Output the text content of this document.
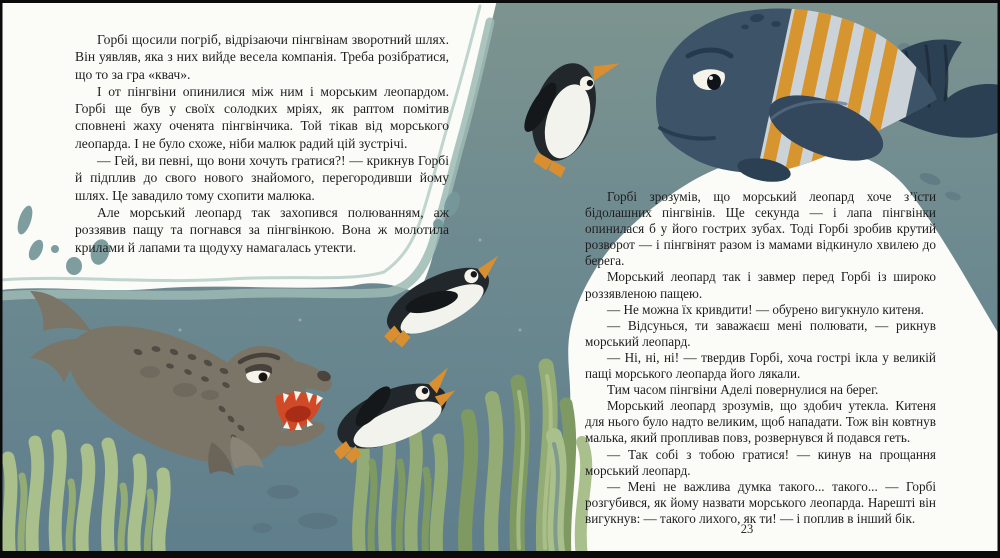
Горбі щосили погріб, відрізаючи пінгвінам зворотний шлях. Він уявляв, яка з них вийде весела компанія. Треба розібратися, що то за гра «квач».

І от пінгвіни опинилися між ним і морським леопардом. Горбі ще був у своїх солодких мріях, як раптом помітив сповнені жаху оченята пінгвінчика. Той тікав від морського леопарда. І не було схоже, ніби малюк радий цій зустрічі.

— Гей, ви певні, що вони хочуть гратися?! — крикнув Горбі й підплив до свого нового знайомого, перегородивши йому шлях. Це завадило тому схопити малюка.

Але морський леопард так захопився полюванням, аж роззявив пащу та погнався за пінгвінкою. Вона ж молотила крилами й лапами та щодуху намагалась утекти.

Горбі зрозумів, що морський леопард хоче з’їсти бідолашних пінгвінів. Ще секунда — і лапа пінгвінки опинилася б у його гострих зубах. Тоді Горбі зробив крутий розворот — і пінгвінят разом із мамами відкинуло хвилею до берега.

Морський леопард так і завмер перед Горбі із широко роззявленою пащею.

— Не можна їх кривдити! — обурено вигукнуло китеня.

— Відсунься, ти заважаєш мені полювати, — рикнув морський леопард.

— Ні, ні, ні! — твердив Горбі, хоча гострі ікла у великій пащі морського леопарда його лякали.

Тим часом пінгвіни Аделі повернулися на берег.

Морський леопард зрозумів, що здобич утекла. Китеня для нього було надто великим, щоб нападати. Тож він ковтнув малька, який пропливав повз, розвернувся й подався геть.

— Так собі з тобою гратися! — кинув на прощання морський леопард.

— Мені не важлива думка такого... такого... — Горбі розгубився, як йому назвати морського леопарда. Нарешті він вигукнув: — такого лихого, як ти! — і поплив в інший бік.

23
